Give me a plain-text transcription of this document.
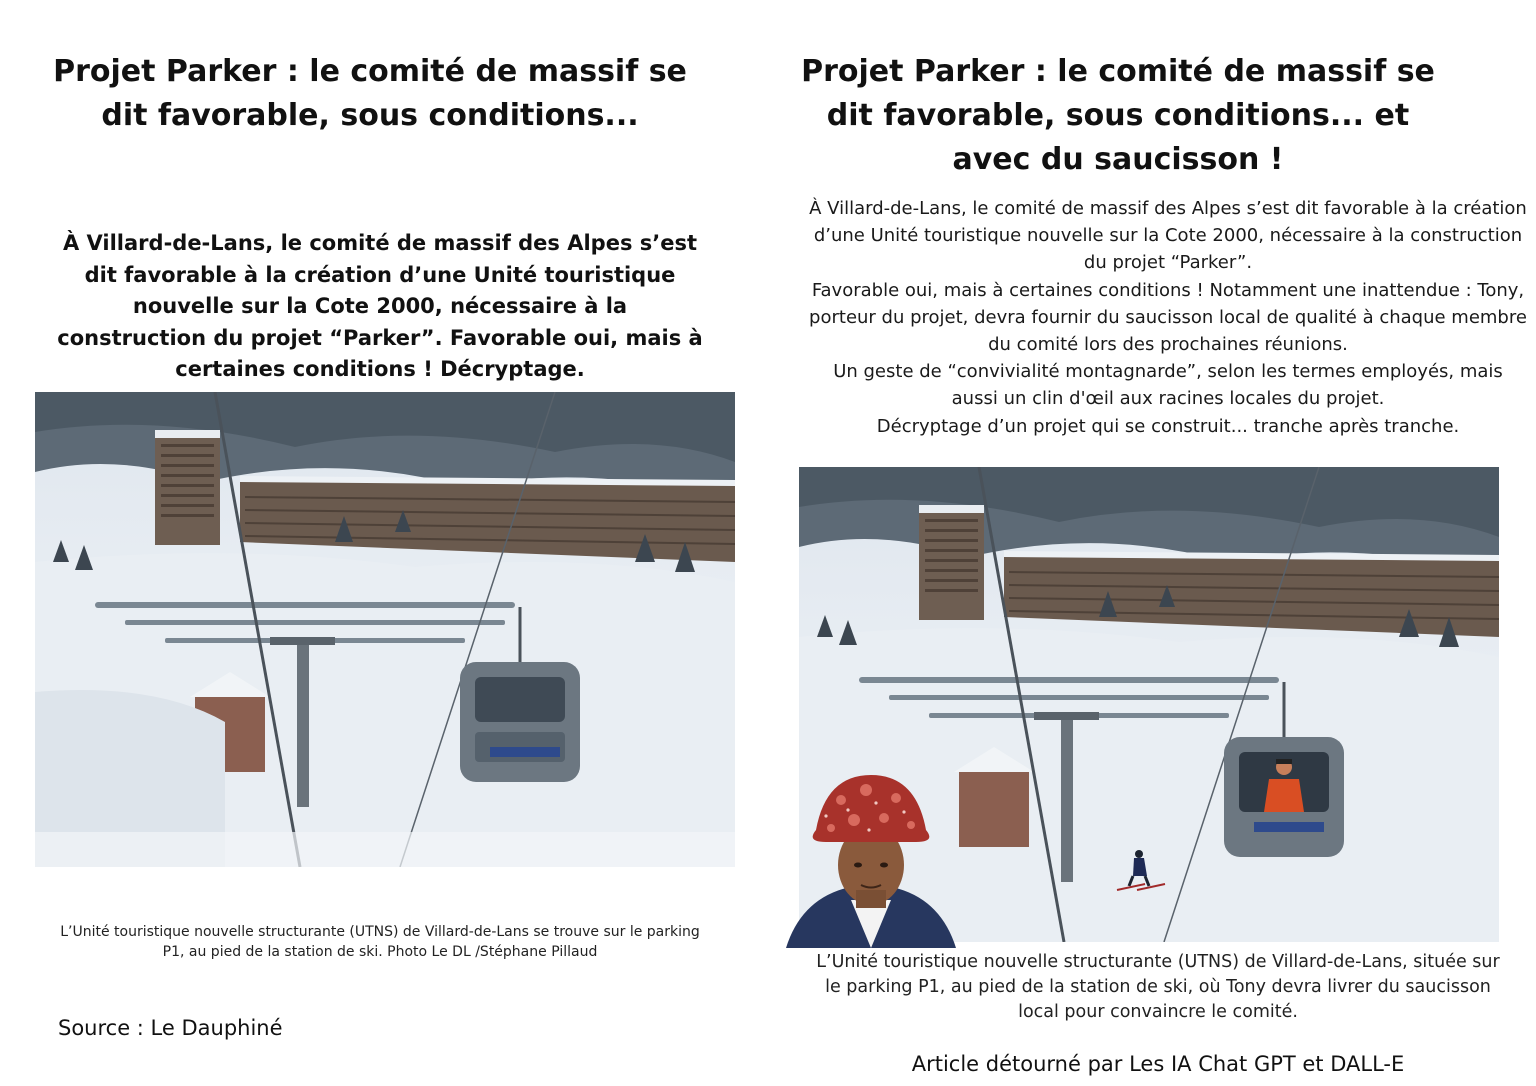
Projet Parker : le comité de massif se dit favorable, sous conditions...
À Villard-de-Lans, le comité de massif des Alpes s’est dit favorable à la création d’une Unité touristique nouvelle sur la Cote 2000, nécessaire à la construction du projet “Parker”. Favorable oui, mais à certaines conditions ! Décryptage.

L’Unité touristique nouvelle structurante (UTNS) de Villard-de-Lans se trouve sur le parking P1, au pied de la station de ski. Photo Le DL /Stéphane Pillaud

Source : Le Dauphiné
Projet Parker : le comité de massif se dit favorable, sous conditions... et avec du saucisson !

À Villard-de-Lans, le comité de massif des Alpes s’est dit favorable à la création d’une Unité touristique nouvelle sur la Cote 2000, nécessaire à la construction du projet “Parker”.

Favorable oui, mais à certaines conditions ! Notamment une inattendue : Tony, porteur du projet, devra fournir du saucisson local de qualité à chaque membre du comité lors des prochaines réunions.

Un geste de “convivialité montagnarde”, selon les termes employés, mais aussi un clin d'œil aux racines locales du projet.

Décryptage d’un projet qui se construit... tranche après tranche.

L’Unité touristique nouvelle structurante (UTNS) de Villard-de-Lans, située sur le parking P1, au pied de la station de ski, où Tony devra livrer du saucisson local pour convaincre le comité.

Article détourné par Les IA Chat GPT et DALL-E
